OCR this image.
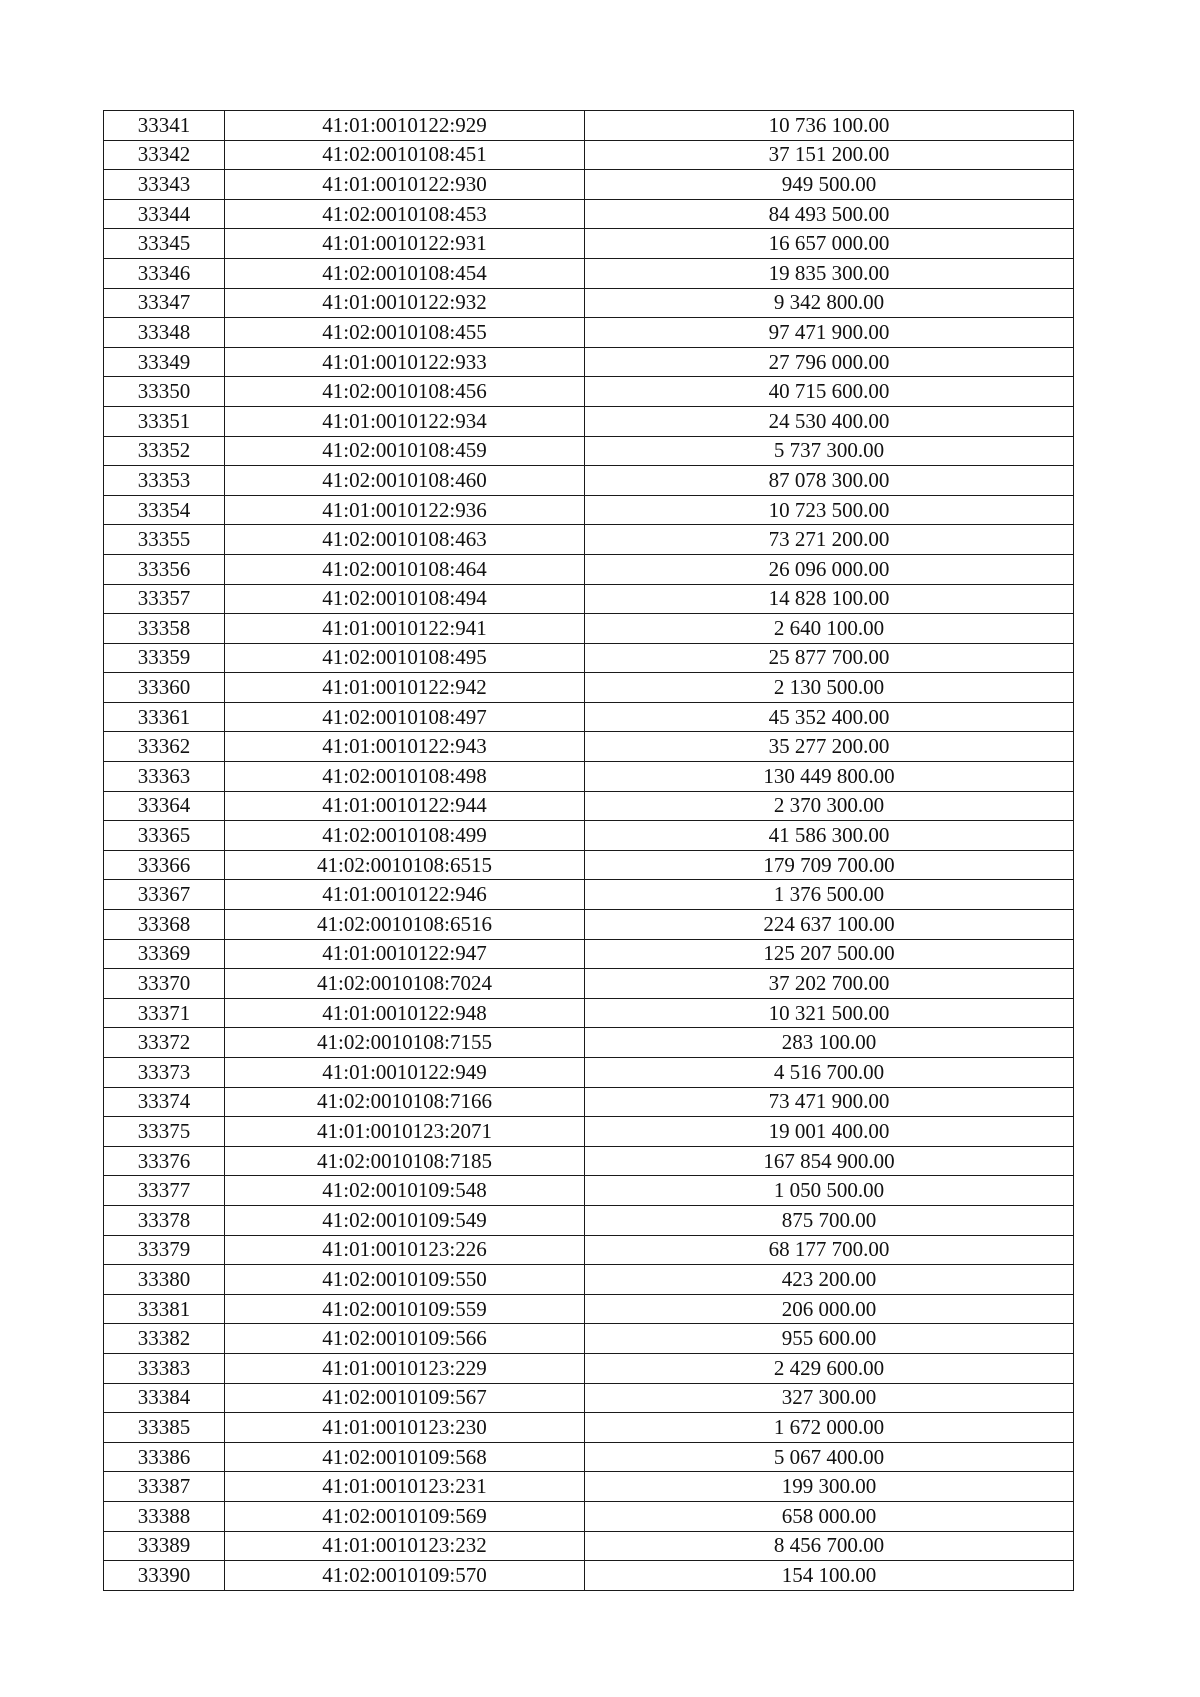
33341	41:01:0010122:929	10 736 100.00
33342	41:02:0010108:451	37 151 200.00
33343	41:01:0010122:930	949 500.00
33344	41:02:0010108:453	84 493 500.00
33345	41:01:0010122:931	16 657 000.00
33346	41:02:0010108:454	19 835 300.00
33347	41:01:0010122:932	9 342 800.00
33348	41:02:0010108:455	97 471 900.00
33349	41:01:0010122:933	27 796 000.00
33350	41:02:0010108:456	40 715 600.00
33351	41:01:0010122:934	24 530 400.00
33352	41:02:0010108:459	5 737 300.00
33353	41:02:0010108:460	87 078 300.00
33354	41:01:0010122:936	10 723 500.00
33355	41:02:0010108:463	73 271 200.00
33356	41:02:0010108:464	26 096 000.00
33357	41:02:0010108:494	14 828 100.00
33358	41:01:0010122:941	2 640 100.00
33359	41:02:0010108:495	25 877 700.00
33360	41:01:0010122:942	2 130 500.00
33361	41:02:0010108:497	45 352 400.00
33362	41:01:0010122:943	35 277 200.00
33363	41:02:0010108:498	130 449 800.00
33364	41:01:0010122:944	2 370 300.00
33365	41:02:0010108:499	41 586 300.00
33366	41:02:0010108:6515	179 709 700.00
33367	41:01:0010122:946	1 376 500.00
33368	41:02:0010108:6516	224 637 100.00
33369	41:01:0010122:947	125 207 500.00
33370	41:02:0010108:7024	37 202 700.00
33371	41:01:0010122:948	10 321 500.00
33372	41:02:0010108:7155	283 100.00
33373	41:01:0010122:949	4 516 700.00
33374	41:02:0010108:7166	73 471 900.00
33375	41:01:0010123:2071	19 001 400.00
33376	41:02:0010108:7185	167 854 900.00
33377	41:02:0010109:548	1 050 500.00
33378	41:02:0010109:549	875 700.00
33379	41:01:0010123:226	68 177 700.00
33380	41:02:0010109:550	423 200.00
33381	41:02:0010109:559	206 000.00
33382	41:02:0010109:566	955 600.00
33383	41:01:0010123:229	2 429 600.00
33384	41:02:0010109:567	327 300.00
33385	41:01:0010123:230	1 672 000.00
33386	41:02:0010109:568	5 067 400.00
33387	41:01:0010123:231	199 300.00
33388	41:02:0010109:569	658 000.00
33389	41:01:0010123:232	8 456 700.00
33390	41:02:0010109:570	154 100.00
